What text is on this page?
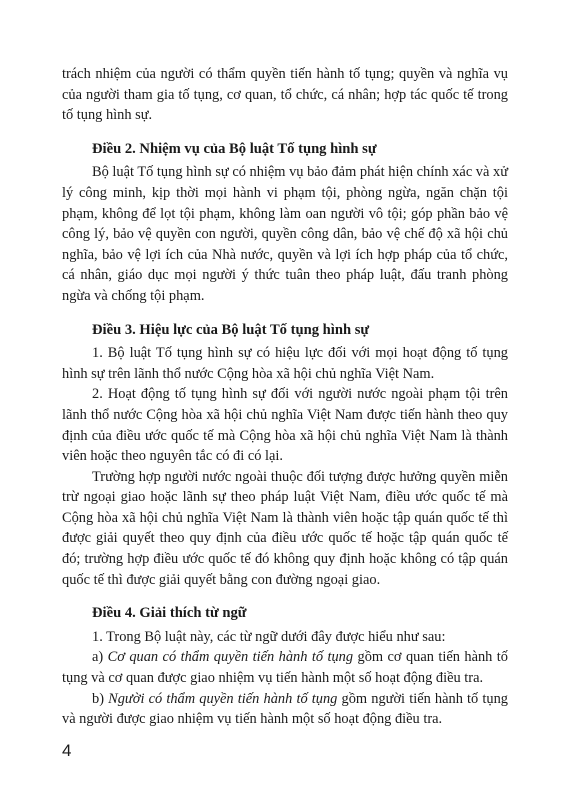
trách nhiệm của người có thẩm quyền tiến hành tố tụng; quyền và nghĩa vụ của người tham gia tố tụng, cơ quan, tổ chức, cá nhân; hợp tác quốc tế trong tố tụng hình sự.

Điều 2. Nhiệm vụ của Bộ luật Tố tụng hình sự

Bộ luật Tố tụng hình sự có nhiệm vụ bảo đảm phát hiện chính xác và xử lý công minh, kịp thời mọi hành vi phạm tội, phòng ngừa, ngăn chặn tội phạm, không để lọt tội phạm, không làm oan người vô tội; góp phần bảo vệ công lý, bảo vệ quyền con người, quyền công dân, bảo vệ chế độ xã hội chủ nghĩa, bảo vệ lợi ích của Nhà nước, quyền và lợi ích hợp pháp của tổ chức, cá nhân, giáo dục mọi người ý thức tuân theo pháp luật, đấu tranh phòng ngừa và chống tội phạm.

Điều 3. Hiệu lực của Bộ luật Tố tụng hình sự

1. Bộ luật Tố tụng hình sự có hiệu lực đối với mọi hoạt động tố tụng hình sự trên lãnh thổ nước Cộng hòa xã hội chủ nghĩa Việt Nam.

2. Hoạt động tố tụng hình sự đối với người nước ngoài phạm tội trên lãnh thổ nước Cộng hòa xã hội chủ nghĩa Việt Nam được tiến hành theo quy định của điều ước quốc tế mà Cộng hòa xã hội chủ nghĩa Việt Nam là thành viên hoặc theo nguyên tắc có đi có lại.

Trường hợp người nước ngoài thuộc đối tượng được hưởng quyền miễn trừ ngoại giao hoặc lãnh sự theo pháp luật Việt Nam, điều ước quốc tế mà Cộng hòa xã hội chủ nghĩa Việt Nam là thành viên hoặc tập quán quốc tế thì được giải quyết theo quy định của điều ước quốc tế hoặc tập quán quốc tế đó; trường hợp điều ước quốc tế đó không quy định hoặc không có tập quán quốc tế thì được giải quyết bằng con đường ngoại giao.

Điều 4. Giải thích từ ngữ

1. Trong Bộ luật này, các từ ngữ dưới đây được hiểu như sau:

a) Cơ quan có thẩm quyền tiến hành tố tụng gồm cơ quan tiến hành tố tụng và cơ quan được giao nhiệm vụ tiến hành một số hoạt động điều tra.

b) Người có thẩm quyền tiến hành tố tụng gồm người tiến hành tố tụng và người được giao nhiệm vụ tiến hành một số hoạt động điều tra.

4
